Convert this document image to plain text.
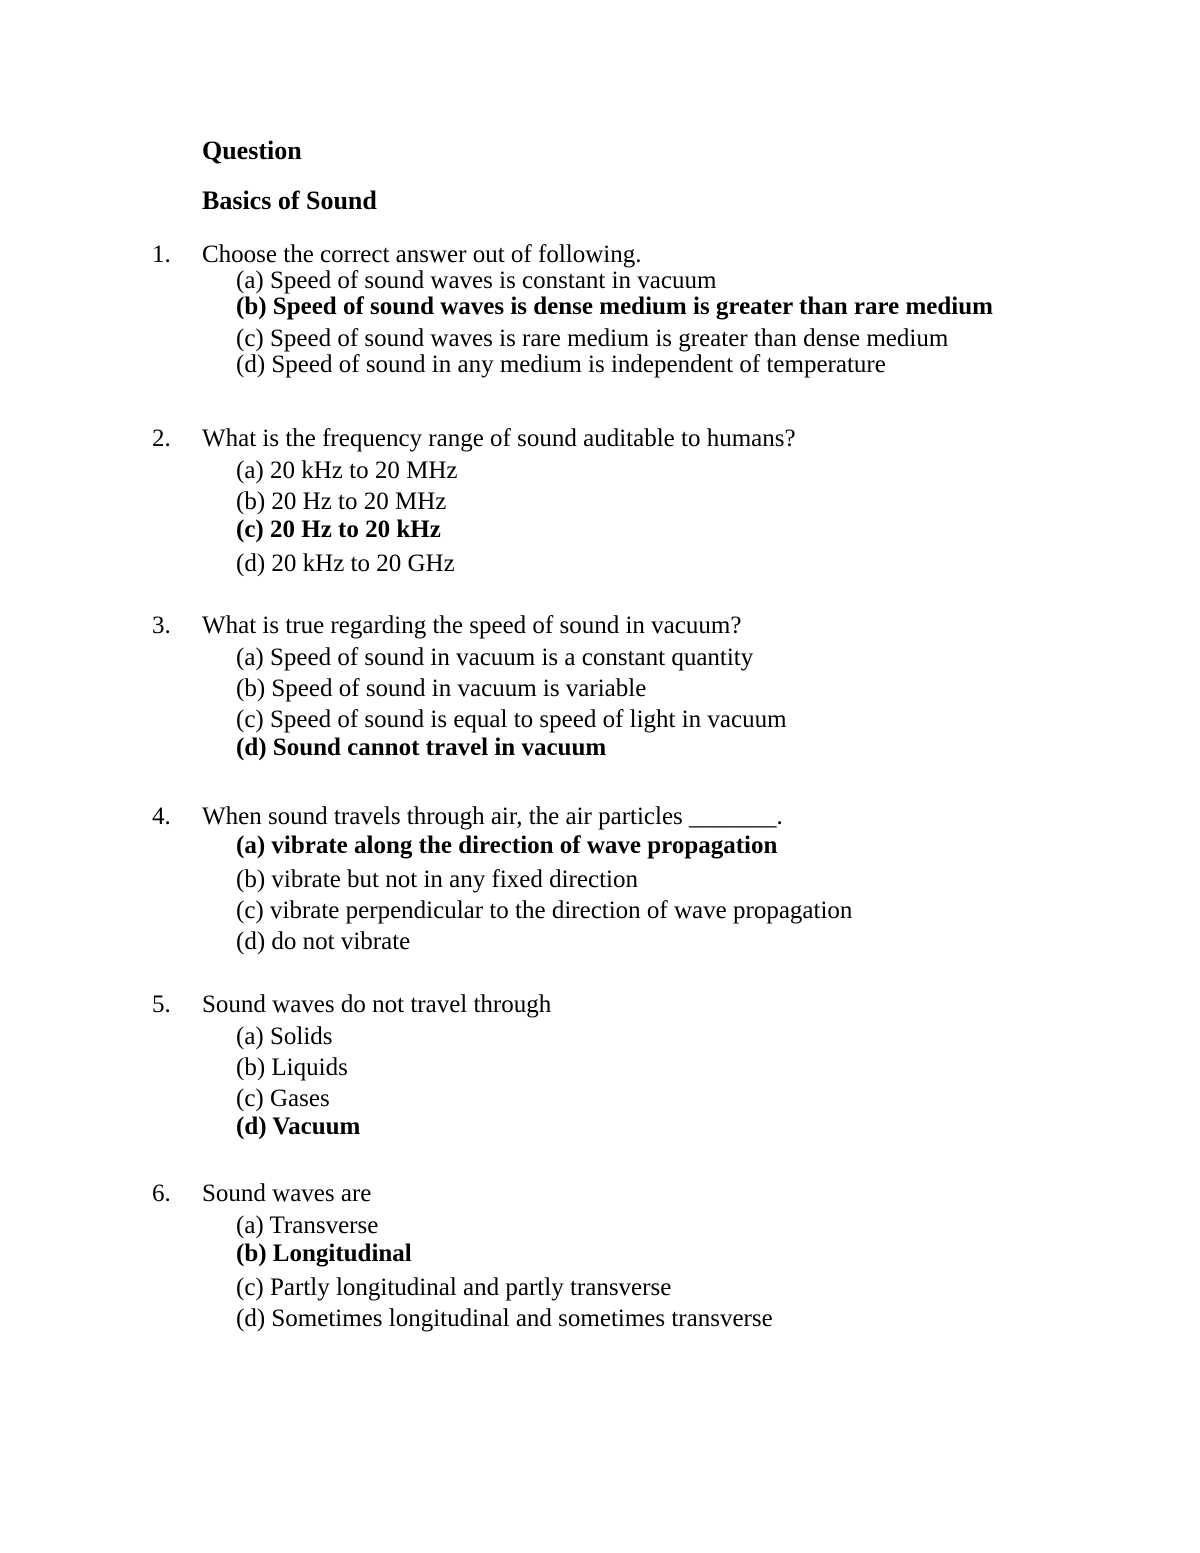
Question
Basics of Sound
1. Choose the correct answer out of following.
(a) Speed of sound waves is constant in vacuum
(b) Speed of sound waves is dense medium is greater than rare medium
(c) Speed of sound waves is rare medium is greater than dense medium
(d) Speed of sound in any medium is independent of temperature
2. What is the frequency range of sound auditable to humans?
(a) 20 kHz to 20 MHz
(b) 20 Hz to 20 MHz
(c) 20 Hz to 20 kHz
(d) 20 kHz to 20 GHz
3. What is true regarding the speed of sound in vacuum?
(a) Speed of sound in vacuum is a constant quantity
(b) Speed of sound in vacuum is variable
(c) Speed of sound is equal to speed of light in vacuum
(d) Sound cannot travel in vacuum
4. When sound travels through air, the air particles _______.
(a) vibrate along the direction of wave propagation
(b) vibrate but not in any fixed direction
(c) vibrate perpendicular to the direction of wave propagation
(d) do not vibrate
5. Sound waves do not travel through
(a) Solids
(b) Liquids
(c) Gases
(d) Vacuum
6. Sound waves are
(a) Transverse
(b) Longitudinal
(c) Partly longitudinal and partly transverse
(d) Sometimes longitudinal and sometimes transverse
